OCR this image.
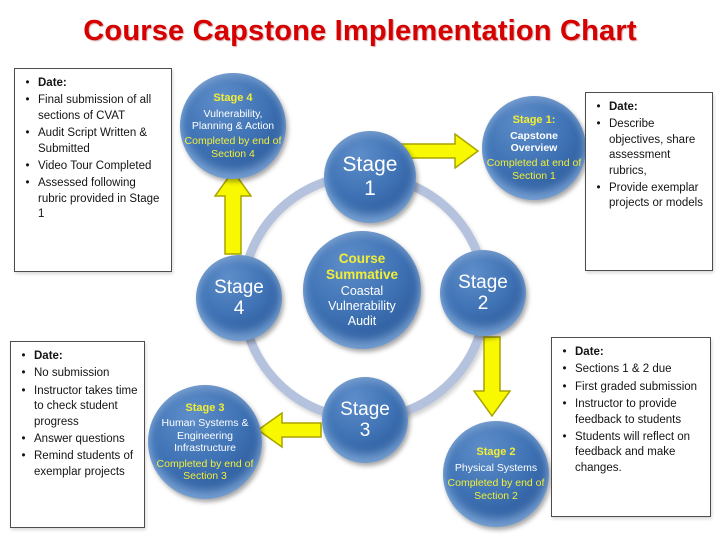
Course Capstone Implementation Chart
Stage
1
Stage
2
Stage
3
Stage
4
Course Summative
Coastal Vulnerability Audit
Stage 4
Vulnerability, Planning & Action
Completed by end of Section 4
Stage 1:
Capstone Overview
Completed at end of Section 1
Stage 2
Physical Systems
Completed by end of Section 2
Stage 3
Human Systems & Engineering Infrastructure
Completed by end of Section 3
• Date:
• Final submission of all sections of CVAT
• Audit Script Written & Submitted
• Video Tour Completed
• Assessed following rubric provided in Stage 1
• Date:
• Describe objectives, share assessment rubrics,
• Provide exemplar projects or models
• Date:
• No submission
• Instructor takes time to check student progress
• Answer questions
• Remind students of exemplar projects
• Date:
• Sections 1 & 2 due
• First graded submission
• Instructor to provide feedback to students
• Students will reflect on feedback and make changes.
